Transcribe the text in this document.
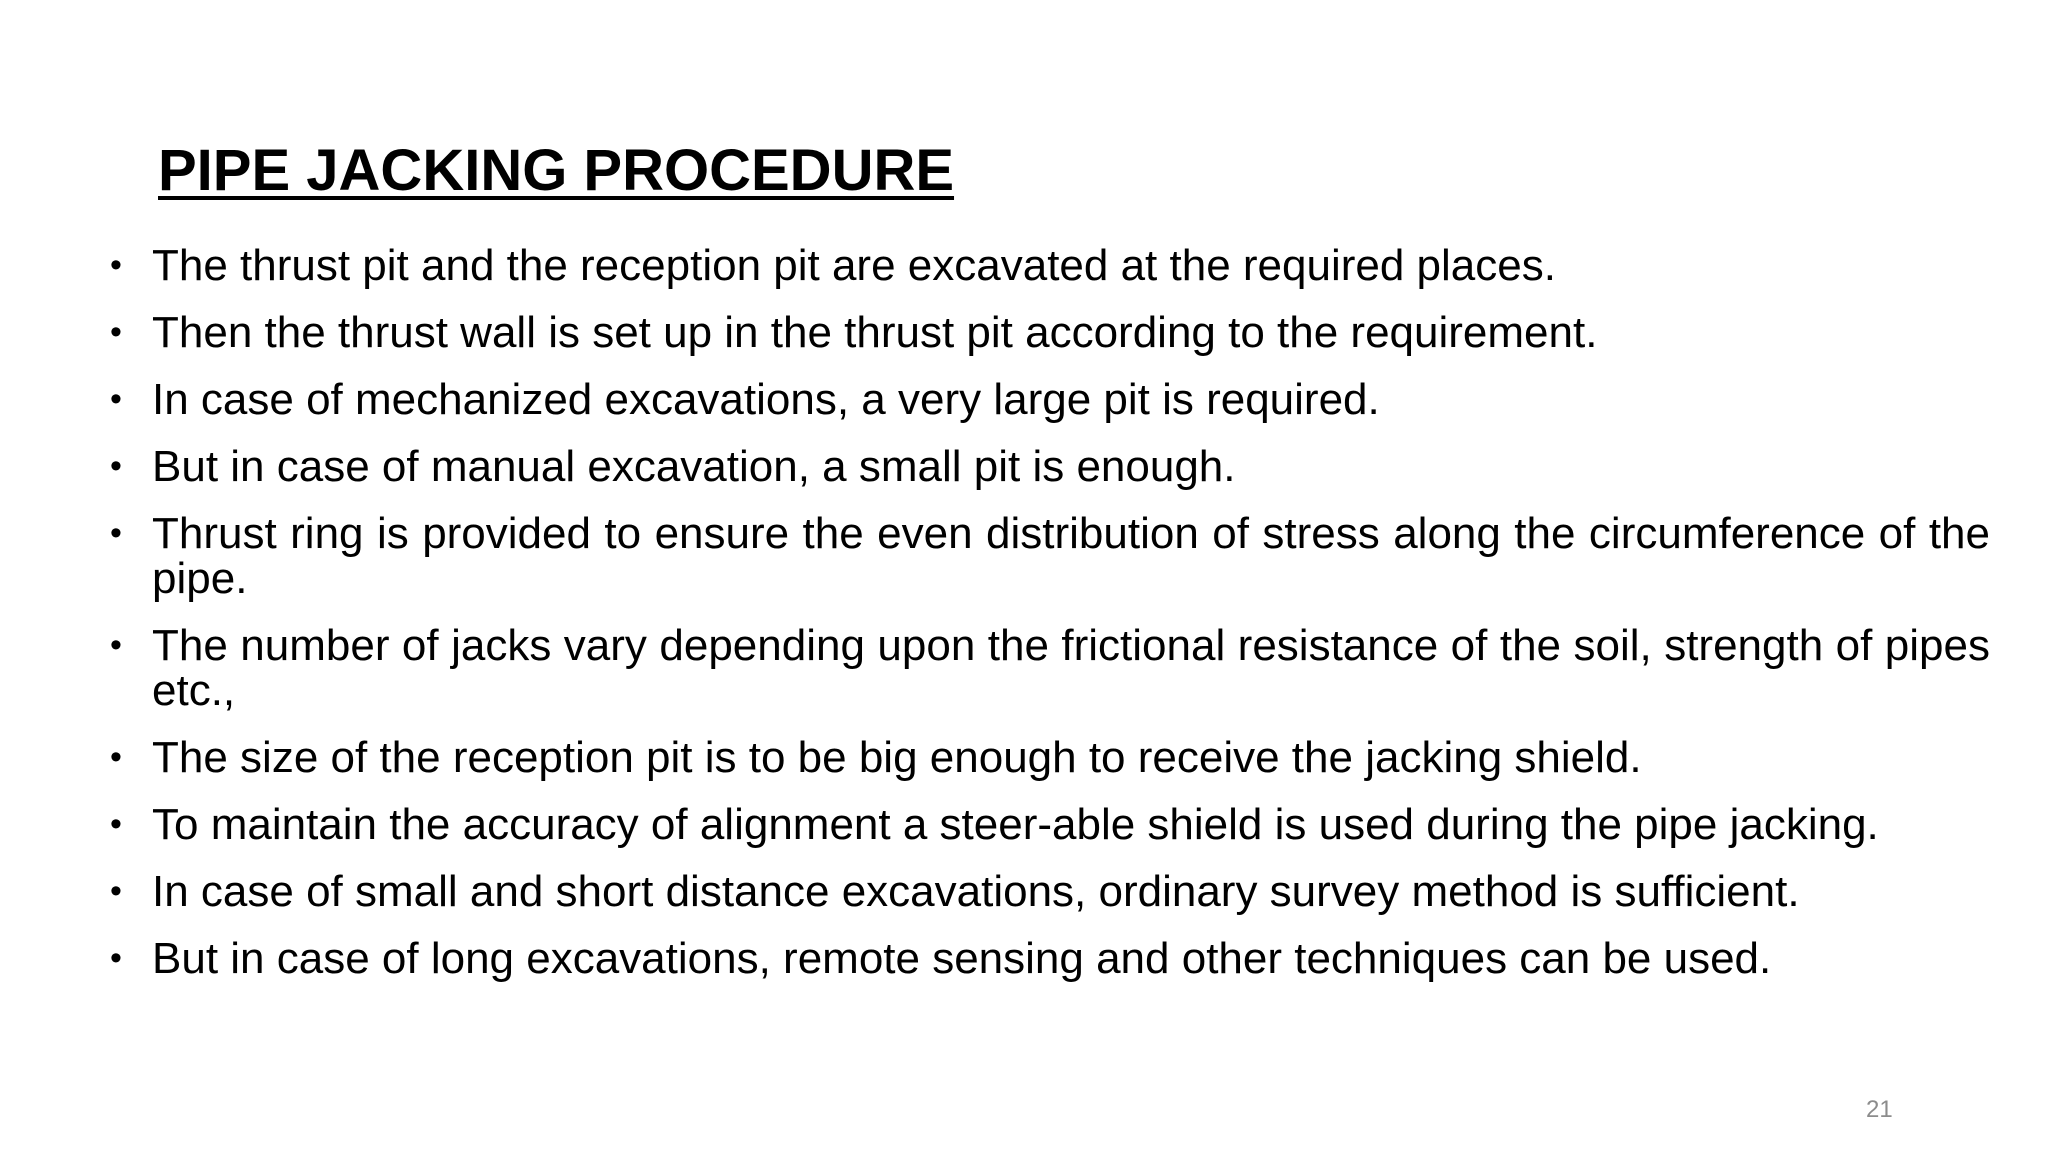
PIPE JACKING PROCEDURE
• The thrust pit and the reception pit are excavated at the required places.
• Then the thrust wall is set up in the thrust pit according to the requirement.
• In case of mechanized excavations, a very large pit is required.
• But in case of manual excavation, a small pit is enough.
• Thrust ring is provided to ensure the even distribution of stress along the circumference of the pipe.
• The number of jacks vary depending upon the frictional resistance of the soil, strength of pipes etc.,
• The size of the reception pit is to be big enough to receive the jacking shield.
• To maintain the accuracy of alignment a steer-able shield is used during the pipe jacking.
• In case of small and short distance excavations, ordinary survey method is sufficient.
• But in case of long excavations, remote sensing and other techniques can be used.
21
